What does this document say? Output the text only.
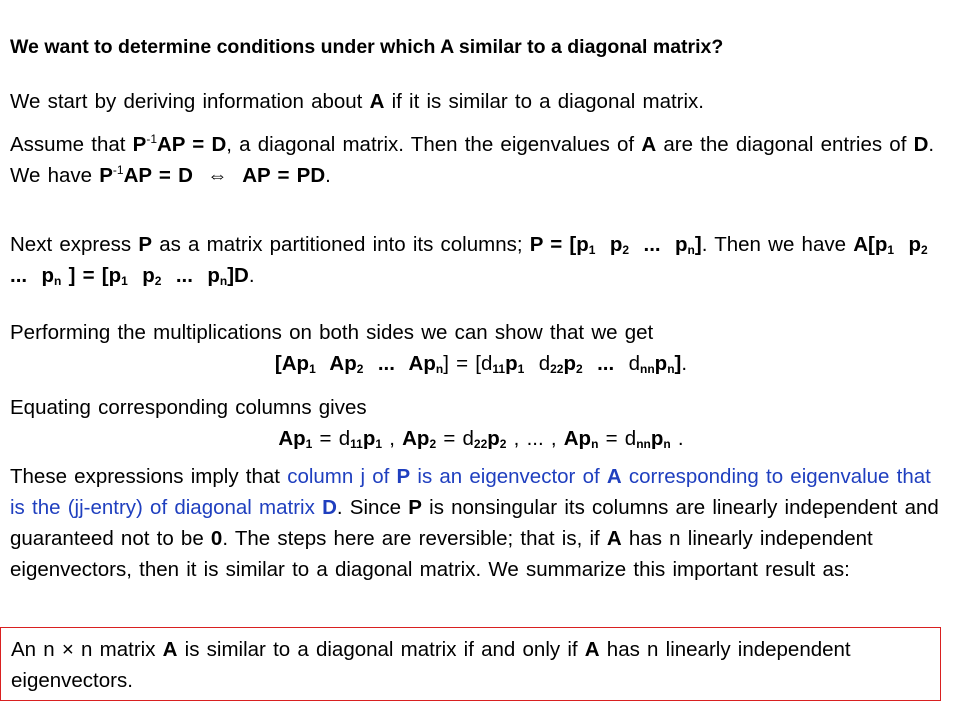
We want to determine conditions under which A similar to a diagonal matrix?
We start by deriving information about A if it is similar to a diagonal matrix.
Assume that $P^{-1}AP = D$, a diagonal matrix. Then the eigenvalues of A are the diagonal entries of D. We have $P^{-1}AP = D$ ⇔ AP = PD.
Next express P as a matrix partitioned into its columns; $P = [p_1$ $p_2$ ... $p_n$]. Then we have $A[p_1$ $p_2$  ... $p_n$ ] = [$p_1$ $p_2$ ... $p_n]D$.
Performing the multiplications on both sides we can show that we get
[$Ap_1$ $Ap_2$ ... $Ap_n] = [d_{11}p_1$ $d_{22}p_2$ ... $d_{nn}p_n$].
Equating corresponding columns gives
$Ap_1 = d_{11}p_1$ , $Ap_2 = d_{22}p_2$ , ... , $Ap_n = d_{nn}p_n$ .
These expressions imply that column j of P is an eigenvector of A corresponding to eigenvalue that is the (jj-entry) of diagonal matrix D. Since P is nonsingular its columns are linearly independent and guaranteed not to be 0. The steps here are reversible; that is, if A has n linearly independent eigenvectors, then it is similar to a diagonal matrix. We summarize this important result as:
An n × n matrix A is similar to a diagonal matrix if and only if A has n linearly independent eigenvectors.
